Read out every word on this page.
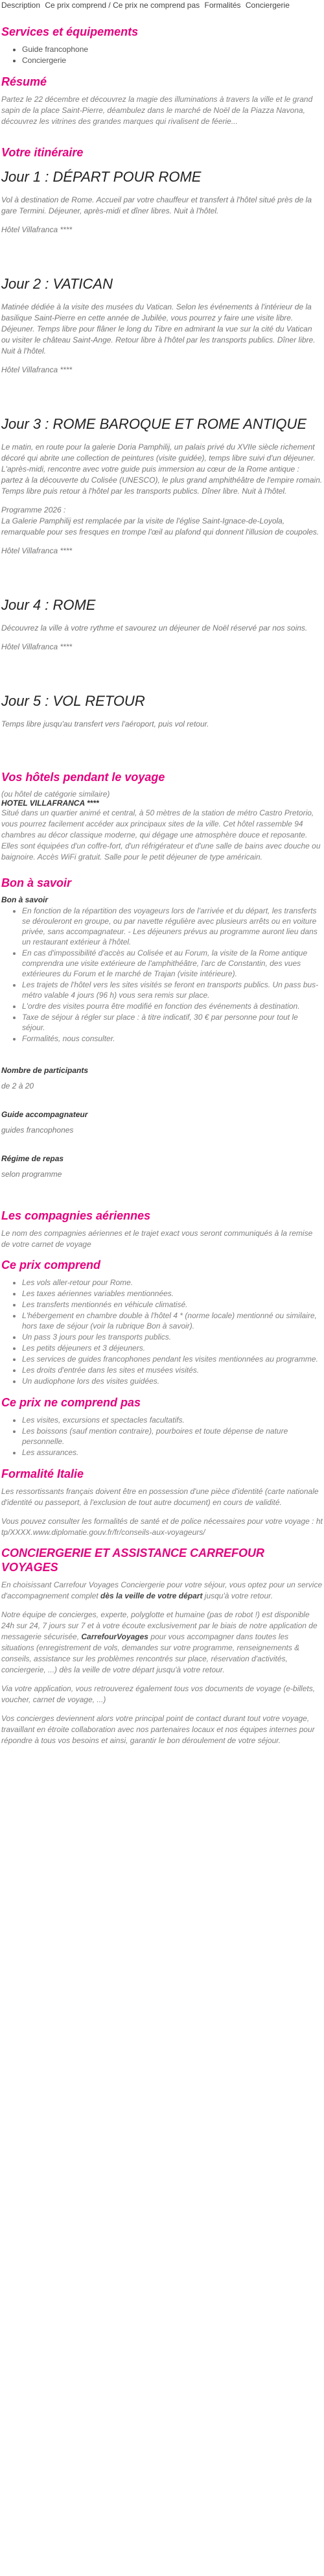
Description Ce prix comprend / Ce prix ne comprend pas Formalités Conciergerie
Services et équipements
• Guide francophone
• Conciergerie
Résumé

Partez le 22 décembre et découvrez la magie des illuminations à travers la ville et le grand sapin de la place Saint-Pierre, déambulez dans le marché de Noël de la Piazza Navona, découvrez les vitrines des grandes marques qui rivalisent de féerie...

Votre itinéraire
Jour 1 : DÉPART POUR ROME

Vol à destination de Rome. Accueil par votre chauffeur et transfert à l'hôtel situé près de la gare Termini. Déjeuner, après-midi et dîner libres. Nuit à l'hôtel.

Hôtel Villafranca ****

Jour 2 : VATICAN

Matinée dédiée à la visite des musées du Vatican. Selon les événements à l'intérieur de la basilique Saint-Pierre en cette année de Jubilée, vous pourrez y faire une visite libre. Déjeuner. Temps libre pour flâner le long du Tibre en admirant la vue sur la cité du Vatican ou visiter le château Saint-Ange. Retour libre à l'hôtel par les transports publics. Dîner libre. Nuit à l'hôtel.

Hôtel Villafranca ****

Jour 3 : ROME BAROQUE ET ROME ANTIQUE

Le matin, en route pour la galerie Doria Pamphilij, un palais privé du XVIIe siècle richement décoré qui abrite une collection de peintures (visite guidée), temps libre suivi d'un déjeuner. L'après-midi, rencontre avec votre guide puis immersion au cœur de la Rome antique : partez à la découverte du Colisée (UNESCO), le plus grand amphithéâtre de l'empire romain. Temps libre puis retour à l'hôtel par les transports publics. Dîner libre. Nuit à l'hôtel.

Programme 2026 :
La Galerie Pamphilij est remplacée par la visite de l'église Saint-Ignace-de-Loyola, remarquable pour ses fresques en trompe l'œil au plafond qui donnent l'illusion de coupoles.

Hôtel Villafranca ****

Jour 4 : ROME

Découvrez la ville à votre rythme et savourez un déjeuner de Noël réservé par nos soins.

Hôtel Villafranca ****

Jour 5 : VOL RETOUR

Temps libre jusqu'au transfert vers l'aéroport, puis vol retour.

Vos hôtels pendant le voyage
(ou hôtel de catégorie similaire)
HOTEL VILLAFRANCA ****

Situé dans un quartier animé et central, à 50 mètres de la station de métro Castro Pretorio, vous pourrez facilement accéder aux principaux sites de la ville. Cet hôtel rassemble 94 chambres au décor classique moderne, qui dégage une atmosphère douce et reposante. Elles sont équipées d'un coffre-fort, d'un réfrigérateur et d'une salle de bains avec douche ou baignoire. Accès WiFi gratuit. Salle pour le petit déjeuner de type américain.

Bon à savoir
Bon à savoir
• En fonction de la répartition des voyageurs lors de l'arrivée et du départ, les transferts se dérouleront en groupe, ou par navette régulière avec plusieurs arrêts ou en voiture privée, sans accompagnateur. - Les déjeuners prévus au programme auront lieu dans un restaurant extérieur à l'hôtel.
• En cas d'impossibilité d'accès au Colisée et au Forum, la visite de la Rome antique comprendra une visite extérieure de l'amphithéâtre, l'arc de Constantin, des vues extérieures du Forum et le marché de Trajan (visite intérieure).
• Les trajets de l'hôtel vers les sites visités se feront en transports publics. Un pass bus-métro valable 4 jours (96 h) vous sera remis sur place.
• L'ordre des visites pourra être modifié en fonction des événements à destination.
• Taxe de séjour à régler sur place : à titre indicatif, 30 € par personne pour tout le séjour.
• Formalités, nous consulter.
Nombre de participants
de 2 à 20
Guide accompagnateur
guides francophones
Régime de repas
selon programme
Les compagnies aériennes

Le nom des compagnies aériennes et le trajet exact vous seront communiqués à la remise de votre carnet de voyage

Ce prix comprend
• Les vols aller-retour pour Rome.
• Les taxes aériennes variables mentionnées.
• Les transferts mentionnés en véhicule climatisé.
• L'hébergement en chambre double à l'hôtel 4 * (norme locale) mentionné ou similaire, hors taxe de séjour (voir la rubrique Bon à savoir).
• Un pass 3 jours pour les transports publics.
• Les petits déjeuners et 3 déjeuners.
• Les services de guides francophones pendant les visites mentionnées au programme.
• Les droits d'entrée dans les sites et musées visités.
• Un audiophone lors des visites guidées.
Ce prix ne comprend pas
• Les visites, excursions et spectacles facultatifs.
• Les boissons (sauf mention contraire), pourboires et toute dépense de nature personnelle.
• Les assurances.
Formalité Italie

Les ressortissants français doivent être en possession d'une pièce d'identité (carte nationale d'identité ou passeport, à l'exclusion de tout autre document) en cours de validité.

Vous pouvez consulter les formalités de santé et de police nécessaires pour votre voyage : http/XXXX.www.diplomatie.gouv.fr/fr/conseils-aux-voyageurs/

CONCIERGERIE ET ASSISTANCE CARREFOUR VOYAGES

En choisissant Carrefour Voyages Conciergerie pour votre séjour, vous optez pour un service d'accompagnement complet dès la veille de votre départ jusqu'à votre retour.

Notre équipe de concierges, experte, polyglotte et humaine (pas de robot !) est disponible 24h sur 24, 7 jours sur 7 et à votre écoute exclusivement par le biais de notre application de messagerie sécurisée, CarrefourVoyages pour vous accompagner dans toutes les situations (enregistrement de vols, demandes sur votre programme, renseignements & conseils, assistance sur les problèmes rencontrés sur place, réservation d'activités, conciergerie, ...) dès la veille de votre départ jusqu'à votre retour.

Via votre application, vous retrouverez également tous vos documents de voyage (e-billets, voucher, carnet de voyage, ...)

Vos concierges deviennent alors votre principal point de contact durant tout votre voyage, travaillant en étroite collaboration avec nos partenaires locaux et nos équipes internes pour répondre à tous vos besoins et ainsi, garantir le bon déroulement de votre séjour.
